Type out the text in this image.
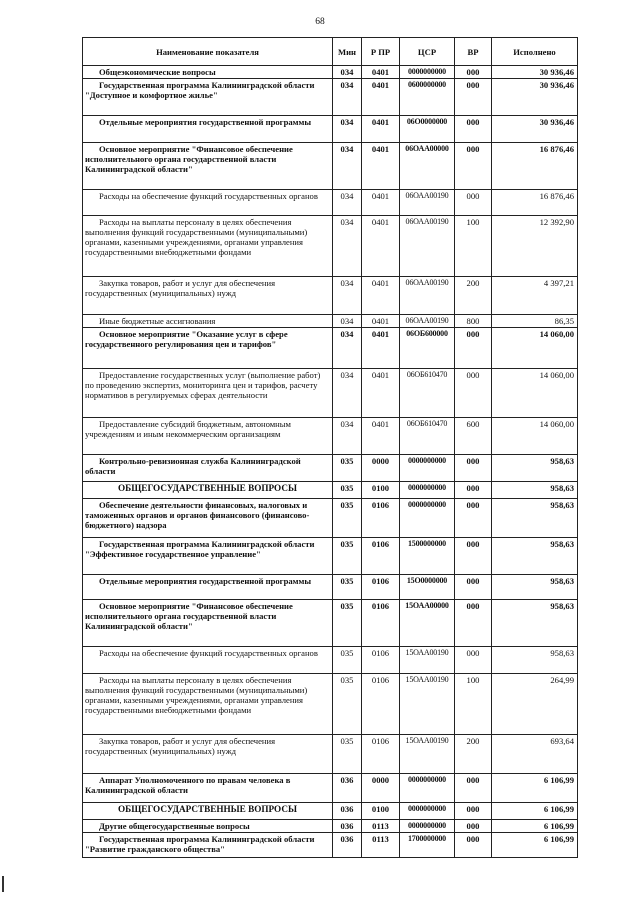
68
Наименование показателя	Мин	Р ПР	ЦСР	ВР	Исполнено
Общеэкономические вопросы	034	0401	0000000000	000	30 936,46
Государственная программа Калининградской области "Доступное и комфортное жилье"	034	0401	0600000000	000	30 936,46
Отдельные мероприятия государственной программы	034	0401	06О0000000	000	30 936,46
Основное мероприятие "Финансовое обеспечение исполнительного органа государственной власти Калининградской области"	034	0401	06ОАА00000	000	16 876,46
Расходы на обеспечение функций государственных органов	034	0401	06ОАА00190	000	16 876,46
Расходы на выплаты персоналу в целях обеспечения выполнения функций государственными (муниципальными) органами, казенными учреждениями, органами управления государственными внебюджетными фондами	034	0401	06ОАА00190	100	12 392,90
Закупка товаров, работ и услуг для обеспечения государственных (муниципальных) нужд	034	0401	06ОАА00190	200	4 397,21
Иные бюджетные ассигнования	034	0401	06ОАА00190	800	86,35
Основное мероприятие "Оказание услуг в сфере государственного регулирования цен и тарифов"	034	0401	06ОБ600000	000	14 060,00
Предоставление государственных услуг (выполнение работ) по проведению экспертиз, мониторинга цен и тарифов, расчету нормативов в регулируемых сферах деятельности	034	0401	06ОБ610470	000	14 060,00
Предоставление субсидий бюджетным, автономным учреждениям и иным некоммерческим организациям	034	0401	06ОБ610470	600	14 060,00
Контрольно-ревизионная служба Калининградской области	035	0000	0000000000	000	958,63
ОБЩЕГОСУДАРСТВЕННЫЕ ВОПРОСЫ	035	0100	0000000000	000	958,63
Обеспечение деятельности финансовых, налоговых и таможенных органов и органов финансового (финансово-бюджетного) надзора	035	0106	0000000000	000	958,63
Государственная программа Калининградской области "Эффективное государственное управление"	035	0106	1500000000	000	958,63
Отдельные мероприятия государственной программы	035	0106	15О0000000	000	958,63
Основное мероприятие "Финансовое обеспечение исполнительного органа государственной власти Калининградской области"	035	0106	15ОАА00000	000	958,63
Расходы на обеспечение функций государственных органов	035	0106	15ОАА00190	000	958,63
Расходы на выплаты персоналу в целях обеспечения выполнения функций государственными (муниципальными) органами, казенными учреждениями, органами управления государственными внебюджетными фондами	035	0106	15ОАА00190	100	264,99
Закупка товаров, работ и услуг для обеспечения государственных (муниципальных) нужд	035	0106	15ОАА00190	200	693,64
Аппарат Уполномоченного по правам человека в Калининградской области	036	0000	0000000000	000	6 106,99
ОБЩЕГОСУДАРСТВЕННЫЕ ВОПРОСЫ	036	0100	0000000000	000	6 106,99
Другие общегосударственные вопросы	036	0113	0000000000	000	6 106,99
Государственная программа Калининградской области "Развитие гражданского общества"	036	0113	1700000000	000	6 106,99
